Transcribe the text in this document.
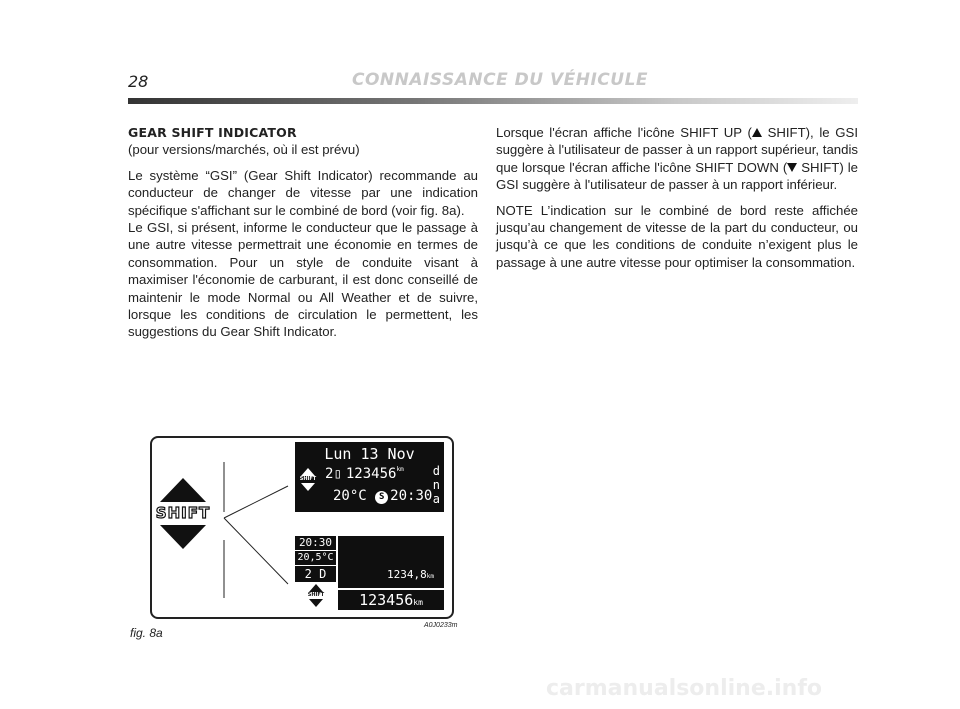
28	CONNAISSANCE DU VÉHICULE
GEAR SHIFT INDICATOR

(pour versions/marchés, où il est prévu)

Le système “GSI” (Gear Shift Indicator) recommande au conducteur de changer de vitesse par une indication spécifique s'affichant sur le combiné de bord (voir fig. 8a).

Le GSI, si présent, informe le conducteur que le passage à une autre vitesse permettrait une économie en termes de consommation. Pour un style de conduite visant à maximiser l'économie de carburant, il est donc conseillé de maintenir le mode Normal ou All Weather et de suivre, lorsque les conditions de circulation le permettent, les suggestions du Gear Shift Indicator.

Lorsque l'écran affiche l'icône SHIFT UP ( SHIFT), le GSI suggère à l'utilisateur de passer à un rapport supérieur, tandis que lorsque l'écran affiche l'icône SHIFT DOWN ( SHIFT) le GSI suggère à l'utilisateur de passer à un rapport inférieur.

NOTE L’indication sur le combiné de bord reste affichée jusqu’au changement de vitesse de la part du conducteur, ou jusqu’à ce que les conditions de conduite n’exigent plus le passage à une autre vitesse pour optimiser la consommation.

SHIFT
Lun 13 Nov
SHIFT 2▯ $123456^{km}$
20°C S 20:30
d
n
a
20:30
20,5°C
2 D
SHIFT
1234,8km
123456km
fig. 8a
A0J0233m
carmanualsonline.info
